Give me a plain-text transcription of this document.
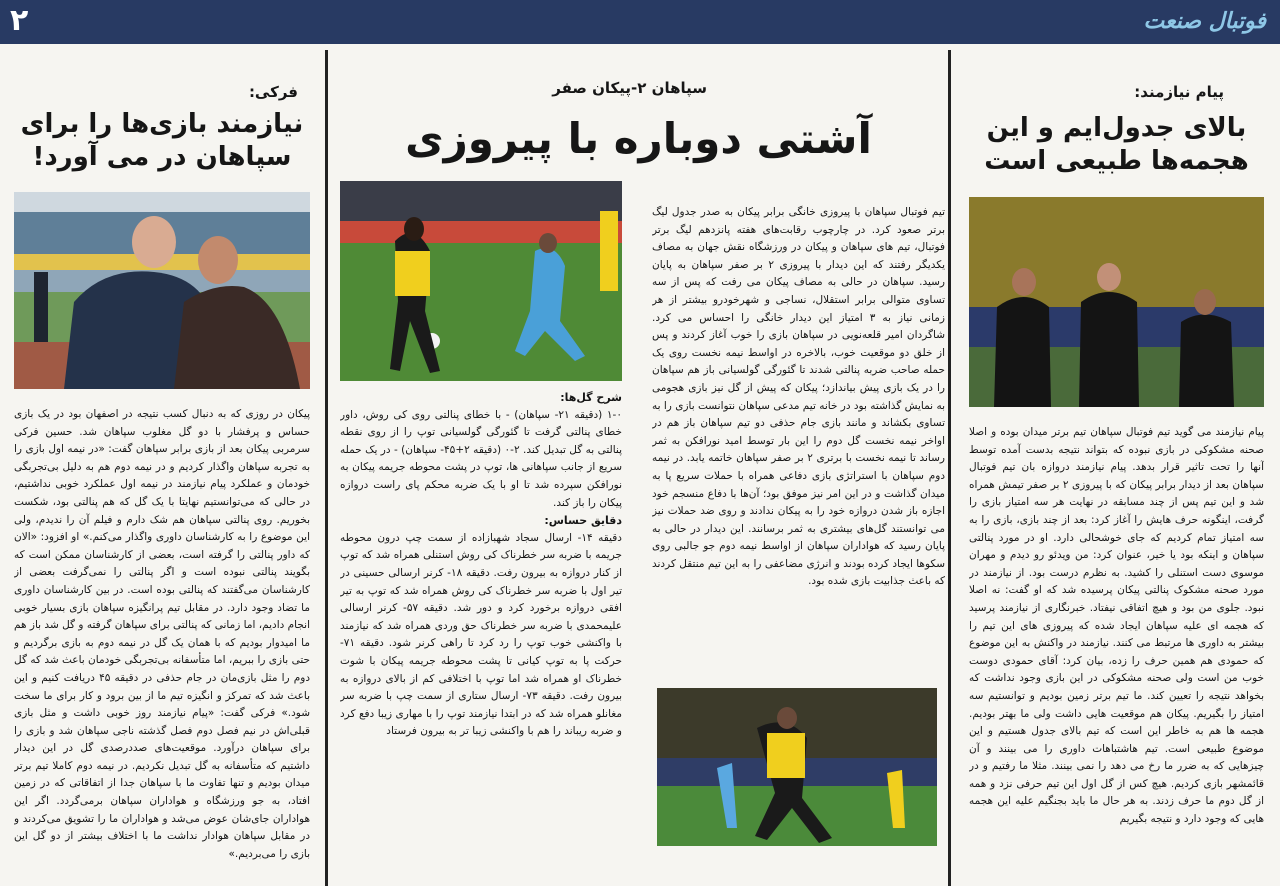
۲	فوتبال صنعت
فرکی:
نیازمند بازی‌ها را برای
سپاهان در می آورد!

پیکان در روزی که به دنبال کسب نتیجه در اصفهان بود در یک بازی حساس و پرفشار با دو گل مغلوب سپاهان شد. حسین فرکی سرمربی پیکان بعد از بازی برابر سپاهان گفت: «در نیمه اول بازی را به تجربه سپاهان واگذار کردیم و در نیمه دوم هم به دلیل بی‌تجربگی خودمان و عملکرد پیام نیازمند در نیمه اول عملکرد خوبی نداشتیم، در حالی که می‌توانستیم نهایتا با یک گل که هم پنالتی بود، شکست بخوریم. روی پنالتی سپاهان هم شک دارم و فیلم آن را ندیدم، ولی این موضوع را به کارشناسان داوری واگذار می‌کنم.» او افزود: «الان که داور پنالتی را گرفته است، بعضی از کارشناسان ممکن است که بگویند پنالتی نبوده است و اگر پنالتی را نمی‌گرفت بعضی از کارشناسان می‌گفتند که پنالتی بوده است. در بین کارشناسان داوری ما تضاد وجود دارد. در مقابل تیم پرانگیزه سپاهان بازی بسیار خوبی انجام دادیم، اما زمانی که پنالتی برای سپاهان گرفته و گل شد باز هم ما امیدوار بودیم که با همان یک گل در نیمه دوم به بازی برگردیم و حتی بازی را ببریم، اما متأسفانه بی‌تجربگی خودمان باعث شد که گل دوم را مثل بازی‌مان در جام حذفی در دقیقه ۴۵ دریافت کنیم و این باعث شد که تمرکز و انگیزه تیم ما از بین برود و کار برای ما سخت شود.» فرکی گفت: «پیام نیازمند روز خوبی داشت و مثل بازی قبلی‌اش در نیم فصل دوم فصل گذشته ناجی سپاهان شد و بازی را برای سپاهان درآورد. موقعیت‌های صددرصدی گل در این دیدار داشتیم که متأسفانه به گل تبدیل نکردیم. در نیمه دوم کاملا تیم برتر میدان بودیم و تنها تفاوت ما با سپاهان جدا از اتفاقاتی که در زمین افتاد، به جو ورزشگاه و هواداران سپاهان برمی‌گردد. اگر این هواداران جای‌شان عوض می‌شد و هواداران ما را تشویق می‌کردند و در مقابل سپاهان هوادار نداشت ما با اختلاف بیشتر از دو گل این بازی را می‌بردیم.»

سپاهان ۲-پیکان صفر
آشتی دوباره با پیروزی

تیم فوتبال سپاهان با پیروزی خانگی برابر پیکان به صدر جدول لیگ برتر صعود کرد. در چارچوب رقابت‌های هفته پانزدهم لیگ برتر فوتبال، تیم های سپاهان و پیکان در ورزشگاه نقش جهان به مصاف یکدیگر رفتند که این دیدار با پیروزی ۲ بر صفر سپاهان به پایان رسید. سپاهان در حالی به مصاف پیکان می رفت که پس از سه تساوی متوالی برابر استقلال، نساجی و شهرخودرو بیشتر از هر زمانی نیاز به ۳ امتیاز این دیدار خانگی را احساس می کرد. شاگردان امیر قلعه‌نویی در سپاهان بازی را خوب آغاز کردند و پس از خلق دو موقعیت خوب، بالاخره در اواسط نیمه نخست روی یک حمله صاحب ضربه پنالتی شدند تا گئورگی گولسیانی باز هم سپاهان را در یک بازی پیش بیاندازد؛ پیکان که پیش از گل نیز بازی هجومی به نمایش گذاشته بود در خانه تیم مدعی سپاهان نتوانست بازی را به تساوی بکشاند و مانند بازی جام حذفی دو تیم سپاهان باز هم در اواخر نیمه نخست گل دوم را این بار توسط امید نورافکن به ثمر رساند تا نیمه نخست با برتری ۲ بر صفر سپاهان خاتمه یابد. در نیمه دوم سپاهان با استراتژی بازی دفاعی همراه با حملات سریع پا به میدان گذاشت و در این امر نیز موفق بود؛ آن‌ها با دفاع منسجم خود اجازه باز شدن دروازه خود را به پیکان ندادند و روی ضد حملات نیز می توانستند گل‌های بیشتری به ثمر برسانند. این دیدار در حالی به پایان رسید که هواداران سپاهان از اواسط نیمه دوم جو جالبی روی سکوها ایجاد کرده بودند و انرژی مضاعفی را به این تیم منتقل کردند که باعث جذابیت بازی شده بود.

شرح گل‌ها:

۱-۰ (دقیقه ۲۱- سپاهان) - با خطای پنالتی روی کی روش، داور خطای پنالتی گرفت تا گئورگی گولسیانی توپ را از روی نقطه پنالتی به گل تبدیل کند. ۲-۰ (دقیقه ۲+۴۵- سپاهان) - در یک حمله سریع از جانب سپاهانی ها، توپ در پشت محوطه جریمه پیکان به نورافکن سپرده شد تا او با یک ضربه محکم پای راست دروازه پیکان را باز کند.

دقایق حساس:

دقیقه ۱۴- ارسال سجاد شهبازاده از سمت چپ درون محوطه جریمه با ضربه سر خطرناک کی روش استنلی همراه شد که توپ از کنار دروازه به بیرون رفت. دقیقه ۱۸- کرنر ارسالی حسینی در تیر اول با ضربه سر خطرناک کی روش همراه شد که توپ به تیر افقی دروازه برخورد کرد و دور شد. دقیقه ۵۷- کرنر ارسالی علیمحمدی با ضربه سر خطرناک حق وردی همراه شد که نیازمند با واکنشی خوب توپ را رد کرد تا راهی کرنر شود. دقیقه ۷۱- حرکت پا به توپ کیانی تا پشت محوطه جریمه پیکان با شوت خطرناک او همراه شد اما توپ با اختلافی کم از بالای دروازه به بیرون رفت. دقیقه ۷۳- ارسال ستاری از سمت چپ با ضربه سر مغانلو همراه شد که در ابتدا نیازمند توپ را با مهاری زیبا دفع کرد و ضربه ریباند را هم با واکنشی زیبا تر به بیرون فرستاد

پیام نیازمند:
بالای جدول‌ایم و این
هجمه‌ها طبیعی است

پیام نیازمند می گوید تیم فوتبال سپاهان تیم برتر میدان بوده و اصلا صحنه مشکوکی در بازی نبوده که بتواند نتیجه بدست آمده توسط آنها را تحت تاثیر قرار بدهد. پیام نیازمند دروازه بان تیم فوتبال سپاهان بعد از دیدار برابر پیکان که با پیروزی ۲ بر صفر تیمش همراه شد و این تیم پس از چند مسابقه در نهایت هر سه امتیاز بازی را گرفت، اینگونه حرف هایش را آغاز کرد: بعد از چند بازی، بازی را به سه امتیاز تمام کردیم که جای خوشحالی دارد. او در مورد پنالتی سپاهان و اینکه بود یا خیر، عنوان کرد: من ویدئو رو دیدم و مهران موسوی دست استنلی را کشید. به نظرم درست بود. از نیازمند در مورد صحنه مشکوک پنالتی پیکان پرسیده شد که او گفت: نه اصلا نبود. جلوی من بود و هیچ اتفاقی نیفتاد. خبرنگاری از نیازمند پرسید که هجمه ای علیه سپاهان ایجاد شده که پیروزی های این تیم را بیشتر به داوری ها مرتبط می کنند. نیازمند در واکنش به این موضوع که حمودی هم همین حرف را زده، بیان کرد: آقای حمودی دوست خوب من است ولی صحنه مشکوکی در این بازی وجود نداشت که بخواهد نتیجه را تعیین کند. ما تیم برتر زمین بودیم و توانستیم سه امتیاز را بگیریم. پیکان هم موقعیت هایی داشت ولی ما بهتر بودیم. هجمه ها هم به خاطر این است که تیم بالای جدول هستیم و این موضوع طبیعی است. تیم هاشتباهات داوری را می بینند و آن چیزهایی که به ضرر ما رخ می دهد را نمی بینند. مثلا ما رفتیم و در قائمشهر بازی کردیم. هیچ کس از گل اول این تیم حرفی نزد و همه از گل دوم ما حرف زدند. به هر حال ما باید بجنگیم علیه این هجمه هایی که وجود دارد و نتیجه بگیریم
